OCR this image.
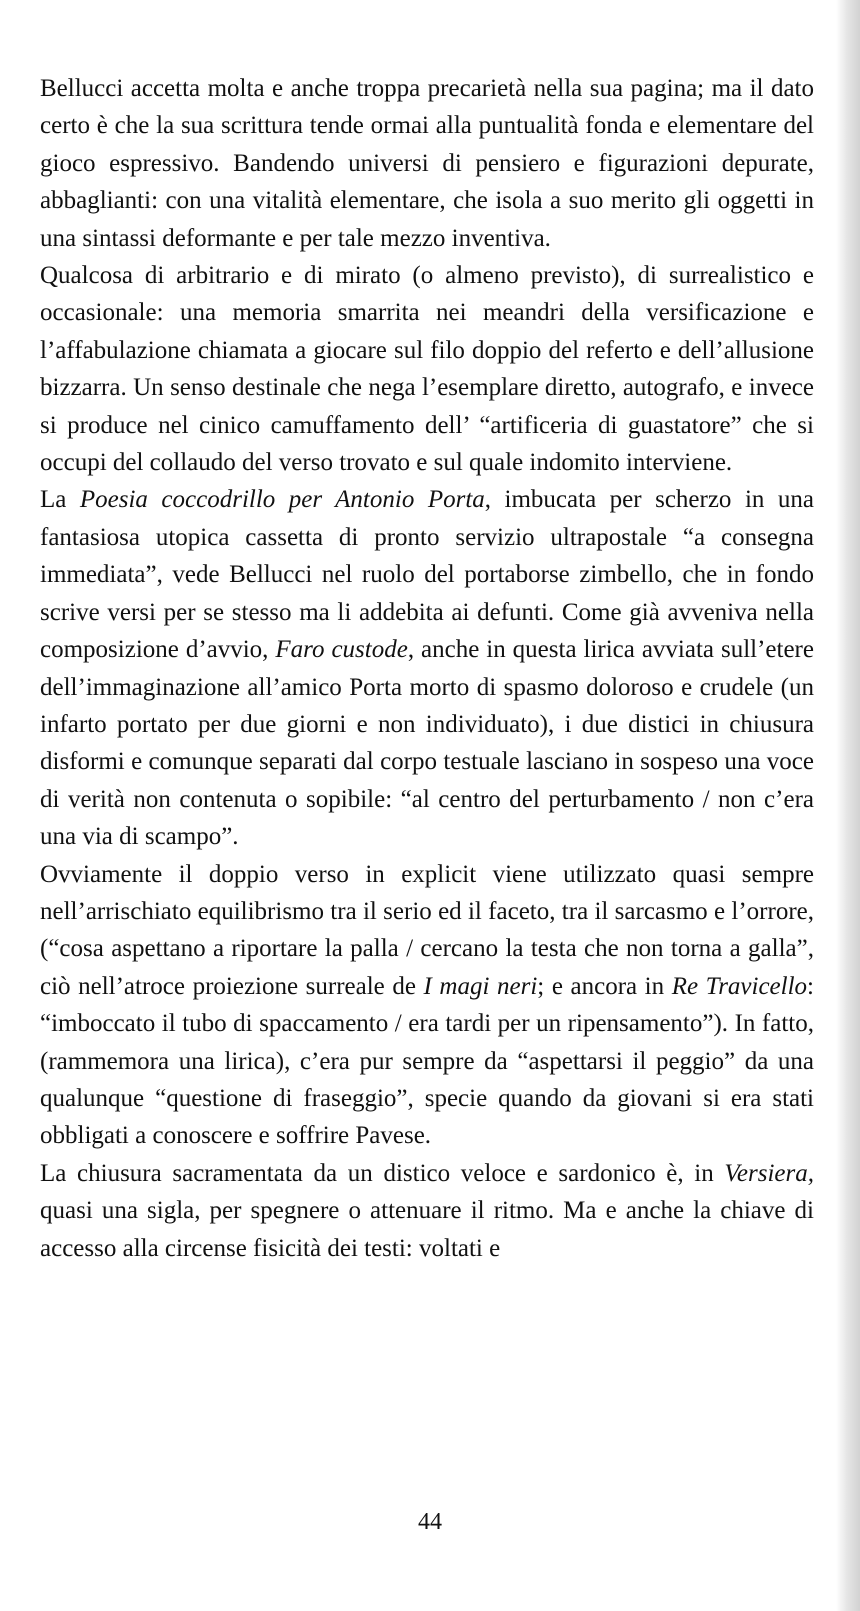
Bellucci accetta molta e anche troppa precarietà nella sua pagina; ma il dato certo è che la sua scrittura tende ormai alla puntualità fonda e elementare del gioco espressivo. Bandendo universi di pensiero e figurazioni depurate, abbaglianti: con una vitalità elementare, che isola a suo merito gli oggetti in una sintassi deformante e per tale mezzo inventiva.

Qualcosa di arbitrario e di mirato (o almeno previsto), di surrealistico e occasionale: una memoria smarrita nei meandri della versificazione e l’affabulazione chiamata a giocare sul filo doppio del referto e dell’allusione bizzarra. Un senso destinale che nega l’esemplare diretto, autografo, e invece si produce nel cinico camuffamento dell’ “artificeria di guastatore” che si occupi del collaudo del verso trovato e sul quale indomito interviene.

La Poesia coccodrillo per Antonio Porta, imbucata per scherzo in una fantasiosa utopica cassetta di pronto servizio ultrapostale “a consegna immediata”, vede Bellucci nel ruolo del portaborse zimbello, che in fondo scrive versi per se stesso ma li addebita ai defunti. Come già avveniva nella composizione d’avvio, Faro custode, anche in questa lirica avviata sull’etere dell’immaginazione all’amico Porta morto di spasmo doloroso e crudele (un infarto portato per due giorni e non individuato), i due distici in chiusura disformi e comunque separati dal corpo testuale lasciano in sospeso una voce di verità non contenuta o sopibile: “al centro del perturbamento / non c’era una via di scampo”.

Ovviamente il doppio verso in explicit viene utilizzato quasi sempre nell’arrischiato equilibrismo tra il serio ed il faceto, tra il sarcasmo e l’orrore, (“cosa aspettano a riportare la palla / cercano la testa che non torna a galla”, ciò nell’atroce proiezione surreale de I magi neri; e ancora in Re Travicello: “imboccato il tubo di spaccamento / era tardi per un ripensamento”). In fatto, (rammemora una lirica), c’era pur sempre da “aspettarsi il peggio” da una qualunque “questione di fraseggio”, specie quando da giovani si era stati obbligati a conoscere e soffrire Pavese.

La chiusura sacramentata da un distico veloce e sardonico è, in Versiera, quasi una sigla, per spegnere o attenuare il ritmo. Ma e anche la chiave di accesso alla circense fisicità dei testi: voltati e

44
